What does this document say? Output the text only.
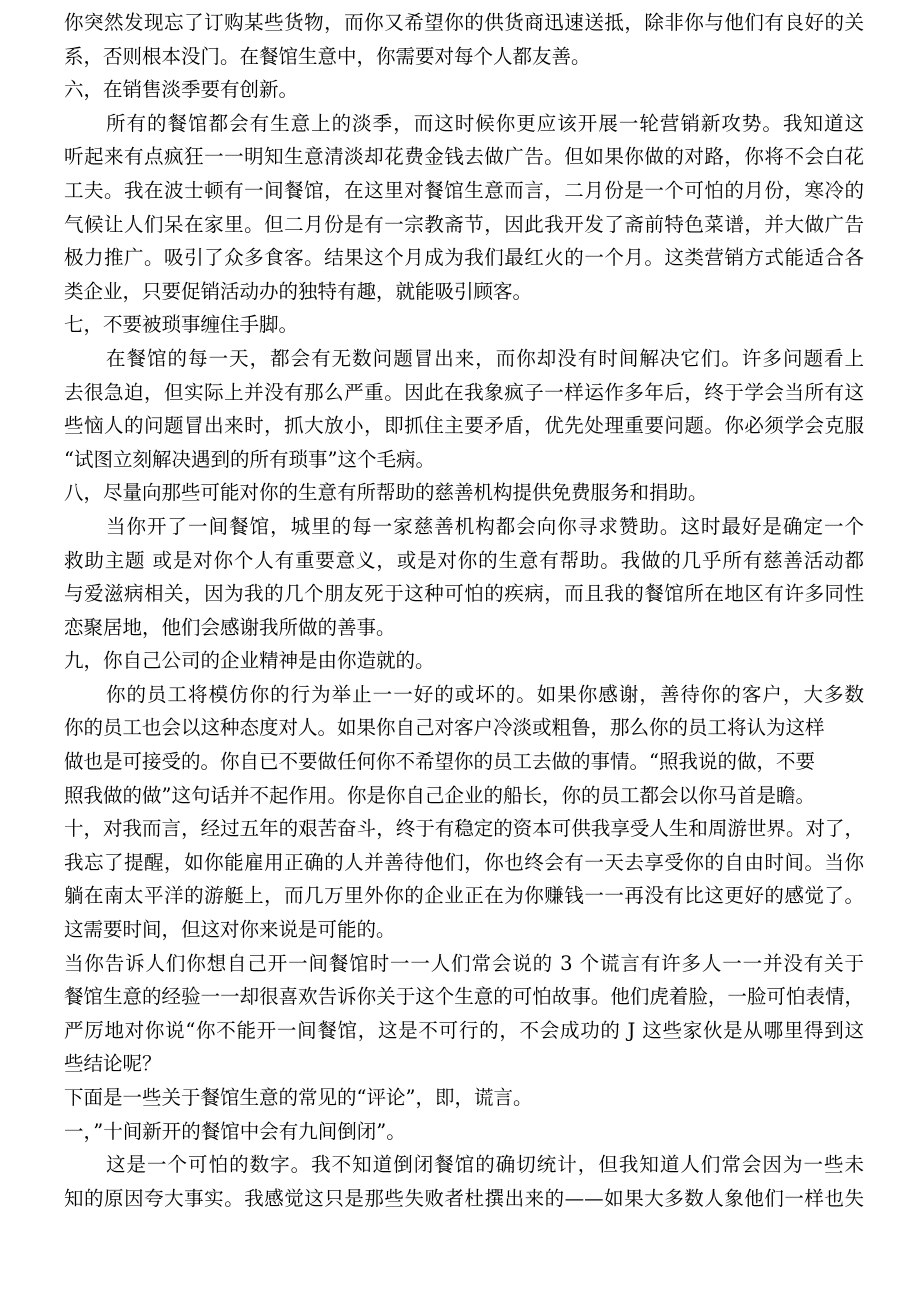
你突然发现忘了订购某些货物，而你又希望你的供货商迅速送抵，除非你与他们有良好的关
系，否则根本没门。在餐馆生意中，你需要对每个人都友善。
六，在销售淡季要有创新。
所有的餐馆都会有生意上的淡季，而这时候你更应该开展一轮营销新攻势。我知道这
听起来有点疯狂一一明知生意清淡却花费金钱去做广告。但如果你做的对路，你将不会白花
工夫。我在波士顿有一间餐馆，在这里对餐馆生意而言，二月份是一个可怕的月份，寒冷的
气候让人们呆在家里。但二月份是有一宗教斋节，因此我开发了斋前特色菜谱，并大做广告
极力推广。吸引了众多食客。结果这个月成为我们最红火的一个月。这类营销方式能适合各
类企业，只要促销活动办的独特有趣，就能吸引顾客。
七，不要被琐事缠住手脚。
在餐馆的每一天，都会有无数问题冒出来，而你却没有时间解决它们。许多问题看上
去很急迫，但实际上并没有那么严重。因此在我象疯子一样运作多年后，终于学会当所有这
些恼人的问题冒出来时，抓大放小，即抓住主要矛盾，优先处理重要问题。你必须学会克服
“试图立刻解决遇到的所有琐事”这个毛病。
八，尽量向那些可能对你的生意有所帮助的慈善机构提供免费服务和捐助。
当你开了一间餐馆，城里的每一家慈善机构都会向你寻求赞助。这时最好是确定一个
救助主题 或是对你个人有重要意义，或是对你的生意有帮助。我做的几乎所有慈善活动都
与爱滋病相关，因为我的几个朋友死于这种可怕的疾病，而且我的餐馆所在地区有许多同性
恋聚居地，他们会感谢我所做的善事。
九，你自己公司的企业精神是由你造就的。
你的员工将模仿你的行为举止一一好的或坏的。如果你感谢，善待你的客户，大多数
你的员工也会以这种态度对人。如果你自己对客户冷淡或粗鲁，那么你的员工将认为这样
做也是可接受的。你自已不要做任何你不希望你的员工去做的事情。“照我说的做，不要
照我做的做”这句话并不起作用。你是你自己企业的船长，你的员工都会以你马首是瞻。
十，对我而言，经过五年的艰苦奋斗，终于有稳定的资本可供我享受人生和周游世界。对了，
我忘了提醒，如你能雇用正确的人并善待他们，你也终会有一天去享受你的自由时间。当你
躺在南太平洋的游艇上，而几万里外你的企业正在为你赚钱一一再没有比这更好的感觉了。
这需要时间，但这对你来说是可能的。
当你告诉人们你想自己开一间餐馆时一一人们常会说的 3 个谎言有许多人一一并没有关于
餐馆生意的经验一一却很喜欢告诉你关于这个生意的可怕故事。他们虎着脸，一脸可怕表情，
严厉地对你说“你不能开一间餐馆，这是不可行的，不会成功的 J 这些家伙是从哪里得到这
些结论呢？
下面是一些关于餐馆生意的常见的“评论”，即，谎言。
一，”十间新开的餐馆中会有九间倒闭”。
这是一个可怕的数字。我不知道倒闭餐馆的确切统计，但我知道人们常会因为一些未
知的原因夸大事实。我感觉这只是那些失败者杜撰出来的——如果大多数人象他们一样也失
